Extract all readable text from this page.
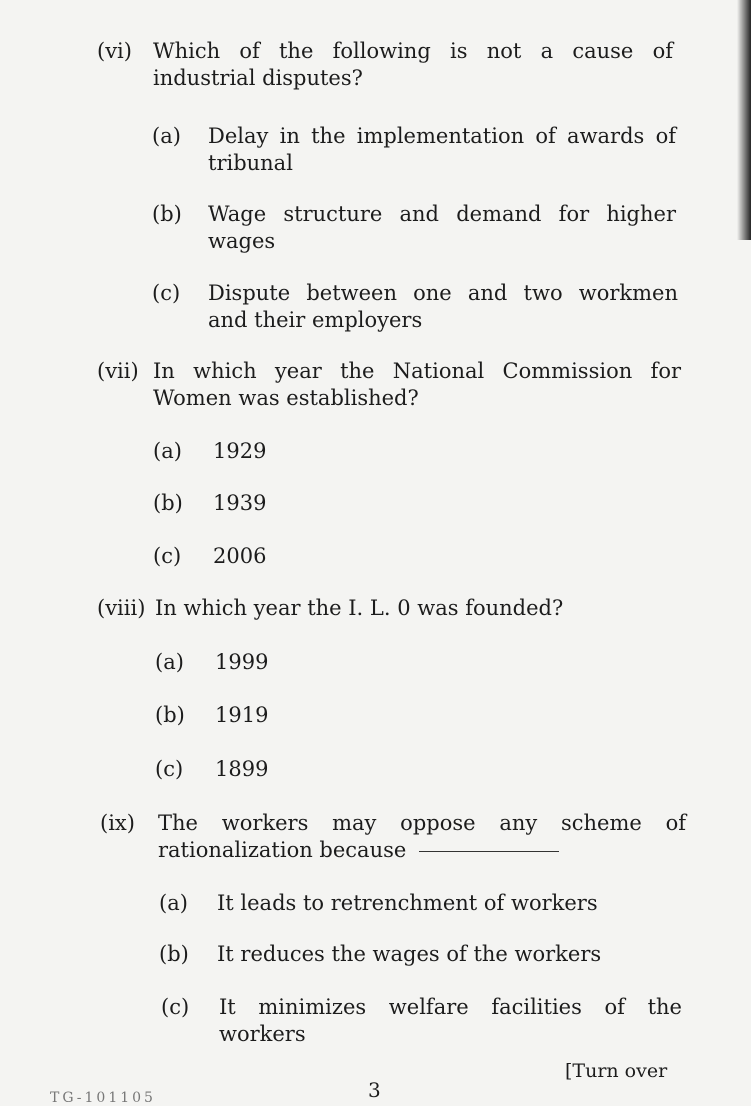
(vi) Which of the following is not a cause of
industrial disputes?
(a) Delay in the implementation of awards of
tribunal
(b) Wage structure and demand for higher
wages
(c) Dispute between one and two workmen
and their employers
(vii) In which year the National Commission for
Women was established?
(a) 1929
(b) 1939
(c) 2006
(viii) In which year the I. L. 0 was founded?
(a) 1999
(b) 1919
(c) 1899
(ix) The workers may oppose any scheme of
rationalization because
(a) It leads to retrenchment of workers
(b) It reduces the wages of the workers
(c) It minimizes welfare facilities of the
workers
3
[Turn over
TG-101105
